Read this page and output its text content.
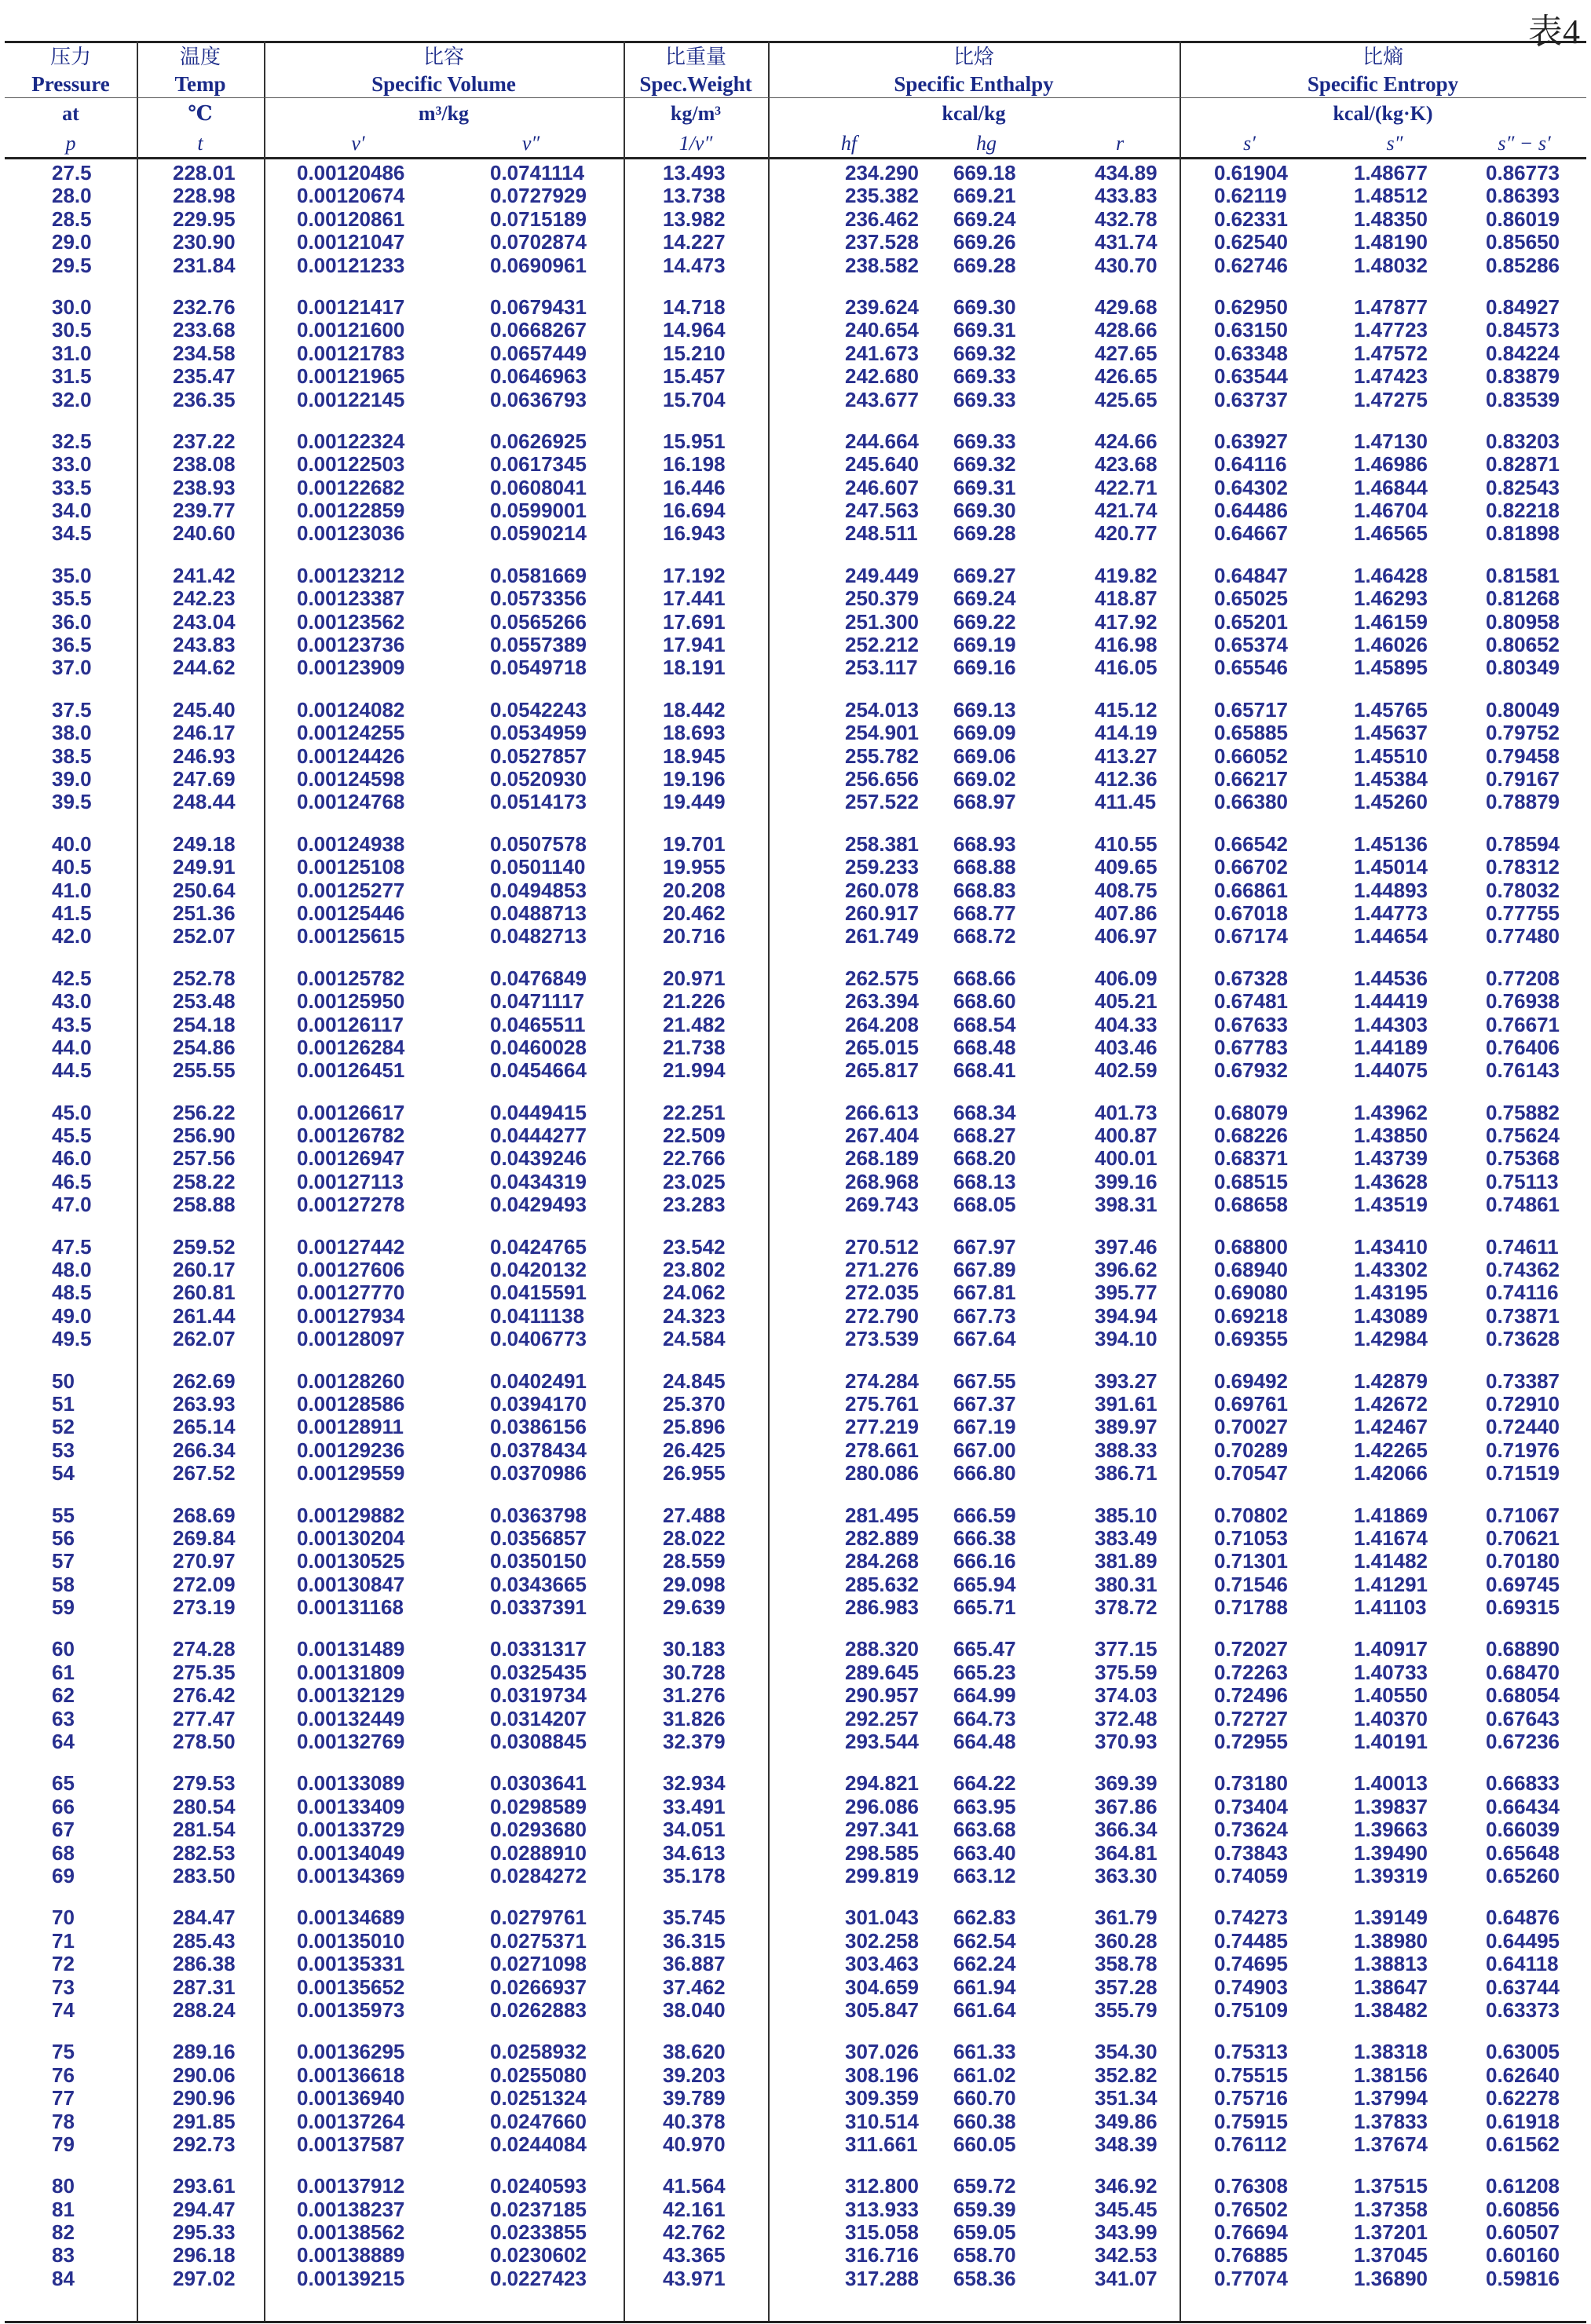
表4
压力	温度	比容	比重量	比焓	比熵
Pressure	Temp	Specific Volume	Spec.Weight	Specific Enthalpy	Specific Entropy
at	℃	m³/kg	kg/m³	kcal/kg	kcal/(kg·K)
p	t	v′	v″	1/v″	hf	hg	r	s′	s″	s″ − s′
27.5	228.01	0.00120486	0.0741114	13.493	234.290 669.18	434.89	0.61904	1.48677	0.86773
28.0	228.98	0.00120674	0.0727929	13.738	235.382 669.21	433.83	0.62119	1.48512	0.86393
28.5	229.95	0.00120861	0.0715189	13.982	236.462 669.24	432.78	0.62331	1.48350	0.86019
29.0	230.90	0.00121047	0.0702874	14.227	237.528 669.26	431.74	0.62540	1.48190	0.85650
29.5	231.84	0.00121233	0.0690961	14.473	238.582 669.28	430.70	0.62746	1.48032	0.85286
30.0	232.76	0.00121417	0.0679431	14.718	239.624 669.30	429.68	0.62950	1.47877	0.84927
30.5	233.68	0.00121600	0.0668267	14.964	240.654 669.31	428.66	0.63150	1.47723	0.84573
31.0	234.58	0.00121783	0.0657449	15.210	241.673 669.32	427.65	0.63348	1.47572	0.84224
31.5	235.47	0.00121965	0.0646963	15.457	242.680 669.33	426.65	0.63544	1.47423	0.83879
32.0	236.35	0.00122145	0.0636793	15.704	243.677 669.33	425.65	0.63737	1.47275	0.83539
32.5	237.22	0.00122324	0.0626925	15.951	244.664 669.33	424.66	0.63927	1.47130	0.83203
33.0	238.08	0.00122503	0.0617345	16.198	245.640 669.32	423.68	0.64116	1.46986	0.82871
33.5	238.93	0.00122682	0.0608041	16.446	246.607 669.31	422.71	0.64302	1.46844	0.82543
34.0	239.77	0.00122859	0.0599001	16.694	247.563 669.30	421.74	0.64486	1.46704	0.82218
34.5	240.60	0.00123036	0.0590214	16.943	248.511 669.28	420.77	0.64667	1.46565	0.81898
35.0	241.42	0.00123212	0.0581669	17.192	249.449 669.27	419.82	0.64847	1.46428	0.81581
35.5	242.23	0.00123387	0.0573356	17.441	250.379 669.24	418.87	0.65025	1.46293	0.81268
36.0	243.04	0.00123562	0.0565266	17.691	251.300 669.22	417.92	0.65201	1.46159	0.80958
36.5	243.83	0.00123736	0.0557389	17.941	252.212 669.19	416.98	0.65374	1.46026	0.80652
37.0	244.62	0.00123909	0.0549718	18.191	253.117 669.16	416.05	0.65546	1.45895	0.80349
37.5	245.40	0.00124082	0.0542243	18.442	254.013 669.13	415.12	0.65717	1.45765	0.80049
38.0	246.17	0.00124255	0.0534959	18.693	254.901 669.09	414.19	0.65885	1.45637	0.79752
38.5	246.93	0.00124426	0.0527857	18.945	255.782 669.06	413.27	0.66052	1.45510	0.79458
39.0	247.69	0.00124598	0.0520930	19.196	256.656 669.02	412.36	0.66217	1.45384	0.79167
39.5	248.44	0.00124768	0.0514173	19.449	257.522 668.97	411.45	0.66380	1.45260	0.78879
40.0	249.18	0.00124938	0.0507578	19.701	258.381 668.93	410.55	0.66542	1.45136	0.78594
40.5	249.91	0.00125108	0.0501140	19.955	259.233 668.88	409.65	0.66702	1.45014	0.78312
41.0	250.64	0.00125277	0.0494853	20.208	260.078 668.83	408.75	0.66861	1.44893	0.78032
41.5	251.36	0.00125446	0.0488713	20.462	260.917 668.77	407.86	0.67018	1.44773	0.77755
42.0	252.07	0.00125615	0.0482713	20.716	261.749 668.72	406.97	0.67174	1.44654	0.77480
42.5	252.78	0.00125782	0.0476849	20.971	262.575 668.66	406.09	0.67328	1.44536	0.77208
43.0	253.48	0.00125950	0.0471117	21.226	263.394 668.60	405.21	0.67481	1.44419	0.76938
43.5	254.18	0.00126117	0.0465511	21.482	264.208 668.54	404.33	0.67633	1.44303	0.76671
44.0	254.86	0.00126284	0.0460028	21.738	265.015 668.48	403.46	0.67783	1.44189	0.76406
44.5	255.55	0.00126451	0.0454664	21.994	265.817 668.41	402.59	0.67932	1.44075	0.76143
45.0	256.22	0.00126617	0.0449415	22.251	266.613 668.34	401.73	0.68079	1.43962	0.75882
45.5	256.90	0.00126782	0.0444277	22.509	267.404 668.27	400.87	0.68226	1.43850	0.75624
46.0	257.56	0.00126947	0.0439246	22.766	268.189 668.20	400.01	0.68371	1.43739	0.75368
46.5	258.22	0.00127113	0.0434319	23.025	268.968 668.13	399.16	0.68515	1.43628	0.75113
47.0	258.88	0.00127278	0.0429493	23.283	269.743 668.05	398.31	0.68658	1.43519	0.74861
47.5	259.52	0.00127442	0.0424765	23.542	270.512 667.97	397.46	0.68800	1.43410	0.74611
48.0	260.17	0.00127606	0.0420132	23.802	271.276 667.89	396.62	0.68940	1.43302	0.74362
48.5	260.81	0.00127770	0.0415591	24.062	272.035 667.81	395.77	0.69080	1.43195	0.74116
49.0	261.44	0.00127934	0.0411138	24.323	272.790 667.73	394.94	0.69218	1.43089	0.73871
49.5	262.07	0.00128097	0.0406773	24.584	273.539 667.64	394.10	0.69355	1.42984	0.73628
50	262.69	0.00128260	0.0402491	24.845	274.284 667.55	393.27	0.69492	1.42879	0.73387
51	263.93	0.00128586	0.0394170	25.370	275.761 667.37	391.61	0.69761	1.42672	0.72910
52	265.14	0.00128911	0.0386156	25.896	277.219 667.19	389.97	0.70027	1.42467	0.72440
53	266.34	0.00129236	0.0378434	26.425	278.661 667.00	388.33	0.70289	1.42265	0.71976
54	267.52	0.00129559	0.0370986	26.955	280.086 666.80	386.71	0.70547	1.42066	0.71519
55	268.69	0.00129882	0.0363798	27.488	281.495 666.59	385.10	0.70802	1.41869	0.71067
56	269.84	0.00130204	0.0356857	28.022	282.889 666.38	383.49	0.71053	1.41674	0.70621
57	270.97	0.00130525	0.0350150	28.559	284.268 666.16	381.89	0.71301	1.41482	0.70180
58	272.09	0.00130847	0.0343665	29.098	285.632 665.94	380.31	0.71546	1.41291	0.69745
59	273.19	0.00131168	0.0337391	29.639	286.983 665.71	378.72	0.71788	1.41103	0.69315
60	274.28	0.00131489	0.0331317	30.183	288.320 665.47	377.15	0.72027	1.40917	0.68890
61	275.35	0.00131809	0.0325435	30.728	289.645 665.23	375.59	0.72263	1.40733	0.68470
62	276.42	0.00132129	0.0319734	31.276	290.957 664.99	374.03	0.72496	1.40550	0.68054
63	277.47	0.00132449	0.0314207	31.826	292.257 664.73	372.48	0.72727	1.40370	0.67643
64	278.50	0.00132769	0.0308845	32.379	293.544 664.48	370.93	0.72955	1.40191	0.67236
65	279.53	0.00133089	0.0303641	32.934	294.821 664.22	369.39	0.73180	1.40013	0.66833
66	280.54	0.00133409	0.0298589	33.491	296.086 663.95	367.86	0.73404	1.39837	0.66434
67	281.54	0.00133729	0.0293680	34.051	297.341 663.68	366.34	0.73624	1.39663	0.66039
68	282.53	0.00134049	0.0288910	34.613	298.585 663.40	364.81	0.73843	1.39490	0.65648
69	283.50	0.00134369	0.0284272	35.178	299.819 663.12	363.30	0.74059	1.39319	0.65260
70	284.47	0.00134689	0.0279761	35.745	301.043 662.83	361.79	0.74273	1.39149	0.64876
71	285.43	0.00135010	0.0275371	36.315	302.258 662.54	360.28	0.74485	1.38980	0.64495
72	286.38	0.00135331	0.0271098	36.887	303.463 662.24	358.78	0.74695	1.38813	0.64118
73	287.31	0.00135652	0.0266937	37.462	304.659 661.94	357.28	0.74903	1.38647	0.63744
74	288.24	0.00135973	0.0262883	38.040	305.847 661.64	355.79	0.75109	1.38482	0.63373
75	289.16	0.00136295	0.0258932	38.620	307.026 661.33	354.30	0.75313	1.38318	0.63005
76	290.06	0.00136618	0.0255080	39.203	308.196 661.02	352.82	0.75515	1.38156	0.62640
77	290.96	0.00136940	0.0251324	39.789	309.359 660.70	351.34	0.75716	1.37994	0.62278
78	291.85	0.00137264	0.0247660	40.378	310.514 660.38	349.86	0.75915	1.37833	0.61918
79	292.73	0.00137587	0.0244084	40.970	311.661 660.05	348.39	0.76112	1.37674	0.61562
80	293.61	0.00137912	0.0240593	41.564	312.800 659.72	346.92	0.76308	1.37515	0.61208
81	294.47	0.00138237	0.0237185	42.161	313.933 659.39	345.45	0.76502	1.37358	0.60856
82	295.33	0.00138562	0.0233855	42.762	315.058 659.05	343.99	0.76694	1.37201	0.60507
83	296.18	0.00138889	0.0230602	43.365	316.716 658.70	342.53	0.76885	1.37045	0.60160
84	297.02	0.00139215	0.0227423	43.971	317.288 658.36	341.07	0.77074	1.36890	0.59816
